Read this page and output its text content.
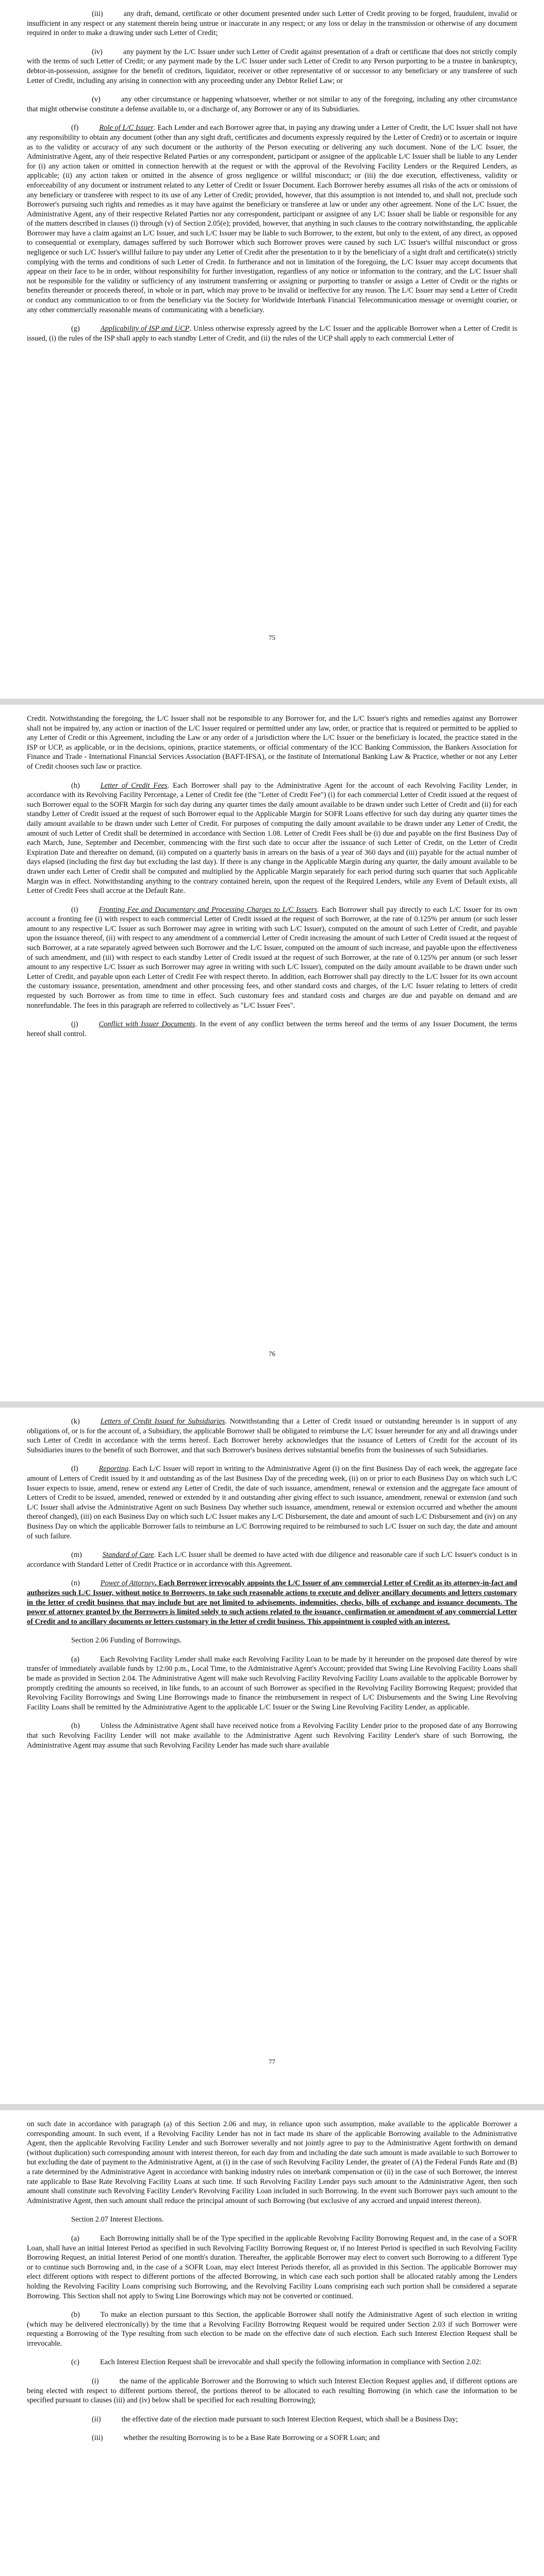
(iii)	any draft, demand, certificate or other document presented under such Letter of Credit proving to be forged, fraudulent, invalid or insufficient in any respect or any statement therein being untrue or inaccurate in any respect; or any loss or delay in the transmission or otherwise of any document required in order to make a drawing under such Letter of Credit;

(iv)	any payment by the L/C Issuer under such Letter of Credit against presentation of a draft or certificate that does not strictly comply with the terms of such Letter of Credit; or any payment made by the L/C Issuer under such Letter of Credit to any Person purporting to be a trustee in bankruptcy, debtor-in-possession, assignee for the benefit of creditors, liquidator, receiver or other representative of or successor to any beneficiary or any transferee of such Letter of Credit, including any arising in connection with any proceeding under any Debtor Relief Law; or

(v)	any other circumstance or happening whatsoever, whether or not similar to any of the foregoing, including any other circumstance that might otherwise constitute a defense available to, or a discharge of, any Borrower or any of its Subsidiaries.

(f)	Role of L/C Issuer. Each Lender and each Borrower agree that, in paying any drawing under a Letter of Credit, the L/C Issuer shall not have any responsibility to obtain any document (other than any sight draft, certificates and documents expressly required by the Letter of Credit) or to ascertain or inquire as to the validity or accuracy of any such document or the authority of the Person executing or delivering any such document. None of the L/C Issuer, the Administrative Agent, any of their respective Related Parties or any correspondent, participant or assignee of the applicable L/C Issuer shall be liable to any Lender for (i) any action taken or omitted in connection herewith at the request or with the approval of the Revolving Facility Lenders or the Required Lenders, as applicable; (ii) any action taken or omitted in the absence of gross negligence or willful misconduct; or (iii) the due execution, effectiveness, validity or enforceability of any document or instrument related to any Letter of Credit or Issuer Document. Each Borrower hereby assumes all risks of the acts or omissions of any beneficiary or transferee with respect to its use of any Letter of Credit; provided, however, that this assumption is not intended to, and shall not, preclude such Borrower's pursuing such rights and remedies as it may have against the beneficiary or transferee at law or under any other agreement. None of the L/C Issuer, the Administrative Agent, any of their respective Related Parties nor any correspondent, participant or assignee of any L/C Issuer shall be liable or responsible for any of the matters described in clauses (i) through (v) of Section 2.05(e); provided, however, that anything in such clauses to the contrary notwithstanding, the applicable Borrower may have a claim against an L/C Issuer, and such L/C Issuer may be liable to such Borrower, to the extent, but only to the extent, of any direct, as opposed to consequential or exemplary, damages suffered by such Borrower which such Borrower proves were caused by such L/C Issuer's willful misconduct or gross negligence or such L/C Issuer's willful failure to pay under any Letter of Credit after the presentation to it by the beneficiary of a sight draft and certificate(s) strictly complying with the terms and conditions of such Letter of Credit. In furtherance and not in limitation of the foregoing, the L/C Issuer may accept documents that appear on their face to be in order, without responsibility for further investigation, regardless of any notice or information to the contrary, and the L/C Issuer shall not be responsible for the validity or sufficiency of any instrument transferring or assigning or purporting to transfer or assign a Letter of Credit or the rights or benefits thereunder or proceeds thereof, in whole or in part, which may prove to be invalid or ineffective for any reason. The L/C Issuer may send a Letter of Credit or conduct any communication to or from the beneficiary via the Society for Worldwide Interbank Financial Telecommunication message or overnight courier, or any other commercially reasonable means of communicating with a beneficiary.

(g)	Applicability of ISP and UCP. Unless otherwise expressly agreed by the L/C Issuer and the applicable Borrower when a Letter of Credit is issued, (i) the rules of the ISP shall apply to each standby Letter of Credit, and (ii) the rules of the UCP shall apply to each commercial Letter of

75

Credit. Notwithstanding the foregoing, the L/C Issuer shall not be responsible to any Borrower for, and the L/C Issuer's rights and remedies against any Borrower shall not be impaired by, any action or inaction of the L/C Issuer required or permitted under any law, order, or practice that is required or permitted to be applied to any Letter of Credit or this Agreement, including the Law or any order of a jurisdiction where the L/C Issuer or the beneficiary is located, the practice stated in the ISP or UCP, as applicable, or in the decisions, opinions, practice statements, or official commentary of the ICC Banking Commission, the Bankers Association for Finance and Trade - International Financial Services Association (BAFT-IFSA), or the Institute of International Banking Law & Practice, whether or not any Letter of Credit chooses such law or practice.

(h)	Letter of Credit Fees. Each Borrower shall pay to the Administrative Agent for the account of each Revolving Facility Lender, in accordance with its Revolving Facility Percentage, a Letter of Credit fee (the "Letter of Credit Fee") (i) for each commercial Letter of Credit issued at the request of such Borrower equal to the SOFR Margin for such day during any quarter times the daily amount available to be drawn under such Letter of Credit and (ii) for each standby Letter of Credit issued at the request of such Borrower equal to the Applicable Margin for SOFR Loans effective for such day during any quarter times the daily amount available to be drawn under such Letter of Credit. For purposes of computing the daily amount available to be drawn under any Letter of Credit, the amount of such Letter of Credit shall be determined in accordance with Section 1.08. Letter of Credit Fees shall be (i) due and payable on the first Business Day of each March, June, September and December, commencing with the first such date to occur after the issuance of such Letter of Credit, on the Letter of Credit Expiration Date and thereafter on demand, (ii) computed on a quarterly basis in arrears on the basis of a year of 360 days and (iii) payable for the actual number of days elapsed (including the first day but excluding the last day). If there is any change in the Applicable Margin during any quarter, the daily amount available to be drawn under each Letter of Credit shall be computed and multiplied by the Applicable Margin separately for each period during such quarter that such Applicable Margin was in effect. Notwithstanding anything to the contrary contained herein, upon the request of the Required Lenders, while any Event of Default exists, all Letter of Credit Fees shall accrue at the Default Rate.

(i)	Fronting Fee and Documentary and Processing Charges to L/C Issuers. Each Borrower shall pay directly to each L/C Issuer for its own account a fronting fee (i) with respect to each commercial Letter of Credit issued at the request of such Borrower, at the rate of 0.125% per annum (or such lesser amount to any respective L/C Issuer as such Borrower may agree in writing with such L/C Issuer), computed on the amount of such Letter of Credit, and payable upon the issuance thereof, (ii) with respect to any amendment of a commercial Letter of Credit increasing the amount of such Letter of Credit issued at the request of such Borrower, at a rate separately agreed between such Borrower and the L/C Issuer, computed on the amount of such increase, and payable upon the effectiveness of such amendment, and (iii) with respect to each standby Letter of Credit issued at the request of such Borrower, at the rate of 0.125% per annum (or such lesser amount to any respective L/C Issuer as such Borrower may agree in writing with such L/C Issuer), computed on the daily amount available to be drawn under such Letter of Credit, and payable upon each Letter of Credit Fee with respect thereto. In addition, each Borrower shall pay directly to the L/C Issuer for its own account the customary issuance, presentation, amendment and other processing fees, and other standard costs and charges, of the L/C Issuer relating to letters of credit requested by such Borrower as from time to time in effect. Such customary fees and standard costs and charges are due and payable on demand and are nonrefundable. The fees in this paragraph are referred to collectively as "L/C Issuer Fees".

(j)	Conflict with Issuer Documents. In the event of any conflict between the terms hereof and the terms of any Issuer Document, the terms hereof shall control.

76

(k)	Letters of Credit Issued for Subsidiaries. Notwithstanding that a Letter of Credit issued or outstanding hereunder is in support of any obligations of, or is for the account of, a Subsidiary, the applicable Borrower shall be obligated to reimburse the L/C Issuer hereunder for any and all drawings under such Letter of Credit in accordance with the terms hereof. Each Borrower hereby acknowledges that the issuance of Letters of Credit for the account of its Subsidiaries inures to the benefit of such Borrower, and that such Borrower's business derives substantial benefits from the businesses of such Subsidiaries.

(l)	Reporting. Each L/C Issuer will report in writing to the Administrative Agent (i) on the first Business Day of each week, the aggregate face amount of Letters of Credit issued by it and outstanding as of the last Business Day of the preceding week, (ii) on or prior to each Business Day on which such L/C Issuer expects to issue, amend, renew or extend any Letter of Credit, the date of such issuance, amendment, renewal or extension and the aggregate face amount of Letters of Credit to be issued, amended, renewed or extended by it and outstanding after giving effect to such issuance, amendment, renewal or extension (and such L/C Issuer shall advise the Administrative Agent on such Business Day whether such issuance, amendment, renewal or extension occurred and whether the amount thereof changed), (iii) on each Business Day on which such L/C Issuer makes any L/C Disbursement, the date and amount of such L/C Disbursement and (iv) on any Business Day on which the applicable Borrower fails to reimburse an L/C Borrowing required to be reimbursed to such L/C Issuer on such day, the date and amount of such failure.

(m)	Standard of Care. Each L/C Issuer shall be deemed to have acted with due diligence and reasonable care if such L/C Issuer's conduct is in accordance with Standard Letter of Credit Practice or in accordance with this Agreement.

(n)	Power of Attorney. Each Borrower irrevocably appoints the L/C Issuer of any commercial Letter of Credit as its attorney-in-fact and authorizes such L/C Issuer, without notice to Borrowers, to take such reasonable actions to execute and deliver ancillary documents and letters customary in the letter of credit business that may include but are not limited to advisements, indemnities, checks, bills of exchange and issuance documents. The power of attorney granted by the Borrowers is limited solely to such actions related to the issuance, confirmation or amendment of any commercial Letter of Credit and to ancillary documents or letters customary in the letter of credit business. This appointment is coupled with an interest.

Section 2.06 Funding of Borrowings.

(a)	Each Revolving Facility Lender shall make each Revolving Facility Loan to be made by it hereunder on the proposed date thereof by wire transfer of immediately available funds by 12:00 p.m., Local Time, to the Administrative Agent's Account; provided that Swing Line Revolving Facility Loans shall be made as provided in Section 2.04. The Administrative Agent will make such Revolving Facility Revolving Facility Loans available to the applicable Borrower by promptly crediting the amounts so received, in like funds, to an account of such Borrower as specified in the Revolving Facility Borrowing Request; provided that Revolving Facility Borrowings and Swing Line Borrowings made to finance the reimbursement in respect of L/C Disbursements and the Swing Line Revolving Facility Loans shall be remitted by the Administrative Agent to the applicable L/C Issuer or the Swing Line Revolving Facility Lender, as applicable.

(b)	Unless the Administrative Agent shall have received notice from a Revolving Facility Lender prior to the proposed date of any Borrowing that such Revolving Facility Lender will not make available to the Administrative Agent such Revolving Facility Lender's share of such Borrowing, the Administrative Agent may assume that such Revolving Facility Lender has made such share available

77

on such date in accordance with paragraph (a) of this Section 2.06 and may, in reliance upon such assumption, make available to the applicable Borrower a corresponding amount. In such event, if a Revolving Facility Lender has not in fact made its share of the applicable Borrowing available to the Administrative Agent, then the applicable Revolving Facility Lender and such Borrower severally and not jointly agree to pay to the Administrative Agent forthwith on demand (without duplication) such corresponding amount with interest thereon, for each day from and including the date such amount is made available to such Borrower to but excluding the date of payment to the Administrative Agent, at (i) in the case of such Revolving Facility Lender, the greater of (A) the Federal Funds Rate and (B) a rate determined by the Administrative Agent in accordance with banking industry rules on interbank compensation or (ii) in the case of such Borrower, the interest rate applicable to Base Rate Revolving Facility Loans at such time. If such Revolving Facility Lender pays such amount to the Administrative Agent, then such amount shall constitute such Revolving Facility Lender's Revolving Facility Loan included in such Borrowing. In the event such Borrower pays such amount to the Administrative Agent, then such amount shall reduce the principal amount of such Borrowing (but exclusive of any accrued and unpaid interest thereon).

Section 2.07 Interest Elections.

(a)	Each Borrowing initially shall be of the Type specified in the applicable Revolving Facility Borrowing Request and, in the case of a SOFR Loan, shall have an initial Interest Period as specified in such Revolving Facility Borrowing Request or, if no Interest Period is specified in such Revolving Facility Borrowing Request, an initial Interest Period of one month's duration. Thereafter, the applicable Borrower may elect to convert such Borrowing to a different Type or to continue such Borrowing and, in the case of a SOFR Loan, may elect Interest Periods therefor, all as provided in this Section. The applicable Borrower may elect different options with respect to different portions of the affected Borrowing, in which case each such portion shall be allocated ratably among the Lenders holding the Revolving Facility Loans comprising such Borrowing, and the Revolving Facility Loans comprising each such portion shall be considered a separate Borrowing. This Section shall not apply to Swing Line Borrowings which may not be converted or continued.

(b)	To make an election pursuant to this Section, the applicable Borrower shall notify the Administrative Agent of such election in writing (which may be delivered electronically) by the time that a Revolving Facility Borrowing Request would be required under Section 2.03 if such Borrower were requesting a Borrowing of the Type resulting from such election to be made on the effective date of such election. Each such Interest Election Request shall be irrevocable.

(c)	Each Interest Election Request shall be irrevocable and shall specify the following information in compliance with Section 2.02:

(i)	the name of the applicable Borrower and the Borrowing to which such Interest Election Request applies and, if different options are being elected with respect to different portions thereof, the portions thereof to be allocated to each resulting Borrowing (in which case the information to be specified pursuant to clauses (iii) and (iv) below shall be specified for each resulting Borrowing);

(ii)	the effective date of the election made pursuant to such Interest Election Request, which shall be a Business Day;

(iii)	whether the resulting Borrowing is to be a Base Rate Borrowing or a SOFR Loan; and
